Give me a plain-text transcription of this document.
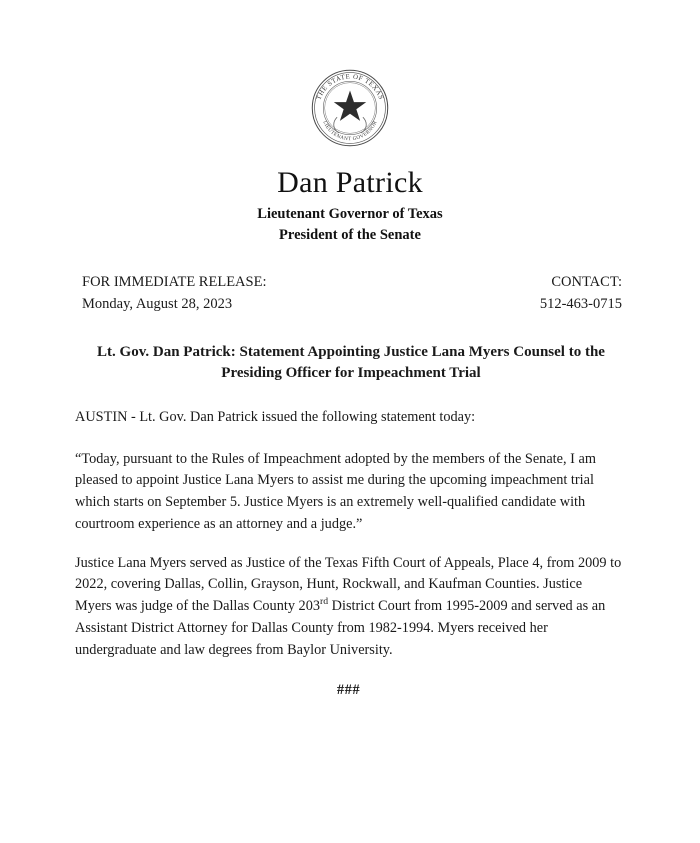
THE STATE OF TEXAS
LIEUTENANT GOVERNOR
Dan Patrick

Lieutenant Governor of Texas

President of the Senate

FOR IMMEDIATE RELEASE:
Monday, August 28, 2023
CONTACT:
512-463-0715
Lt. Gov. Dan Patrick: Statement Appointing Justice Lana Myers Counsel to the Presiding Officer for Impeachment Trial

AUSTIN - Lt. Gov. Dan Patrick issued the following statement today:

“Today, pursuant to the Rules of Impeachment adopted by the members of the Senate, I am pleased to appoint Justice Lana Myers to assist me during the upcoming impeachment trial which starts on September 5. Justice Myers is an extremely well-qualified candidate with courtroom experience as an attorney and a judge.”

Justice Lana Myers served as Justice of the Texas Fifth Court of Appeals, Place 4, from 2009 to 2022, covering Dallas, Collin, Grayson, Hunt, Rockwall, and Kaufman Counties. Justice Myers was judge of the Dallas County 203rd District Court from 1995-2009 and served as an Assistant District Attorney for Dallas County from 1982-1994. Myers received her undergraduate and law degrees from Baylor University.

###
